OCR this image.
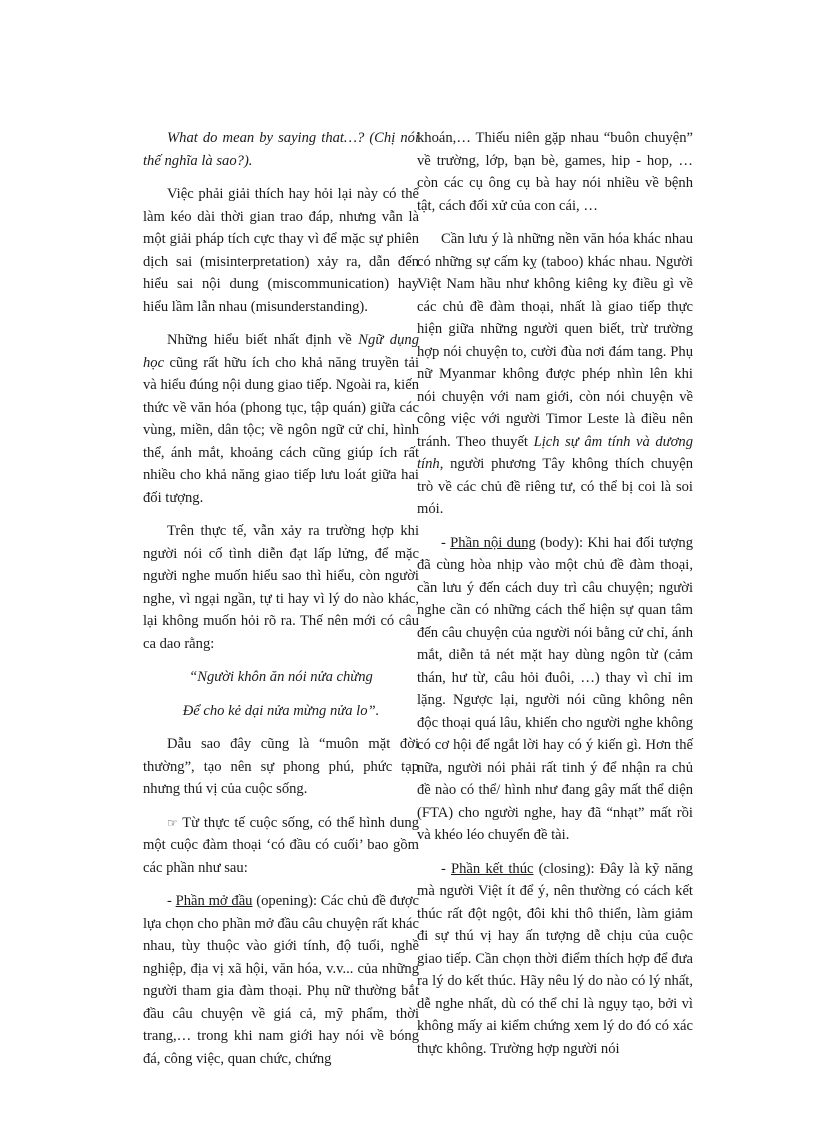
What do mean by saying that…? (Chị nói thế nghĩa là sao?).

Việc phải giải thích hay hỏi lại này có thể làm kéo dài thời gian trao đáp, nhưng vẫn là một giải pháp tích cực thay vì để mặc sự phiên dịch sai (misinterpretation) xảy ra, dẫn đến hiểu sai nội dung (miscommunication) hay hiểu lầm lẫn nhau (misunderstanding).

Những hiểu biết nhất định về Ngữ dụng học cũng rất hữu ích cho khả năng truyền tải và hiểu đúng nội dung giao tiếp. Ngoài ra, kiến thức về văn hóa (phong tục, tập quán) giữa các vùng, miền, dân tộc; về ngôn ngữ cử chỉ, hình thể, ánh mắt, khoảng cách cũng giúp ích rất nhiều cho khả năng giao tiếp lưu loát giữa hai đối tượng.

Trên thực tế, vẫn xảy ra trường hợp khi người nói cố tình diễn đạt lấp lửng, để mặc người nghe muốn hiểu sao thì hiểu, còn người nghe, vì ngại ngần, tự ti hay vì lý do nào khác, lại không muốn hỏi rõ ra. Thế nên mới có câu ca dao rằng:

“Người khôn ăn nói nửa chừng

Để cho kẻ dại nửa mừng nửa lo”.

Dẫu sao đây cũng là “muôn mặt đời thường”, tạo nên sự phong phú, phức tạp nhưng thú vị của cuộc sống.

☞ Từ thực tế cuộc sống, có thể hình dung một cuộc đàm thoại ‘có đầu có cuối’ bao gồm các phần như sau:

- Phần mở đầu (opening): Các chủ đề được lựa chọn cho phần mở đầu câu chuyện rất khác nhau, tùy thuộc vào giới tính, độ tuổi, nghề nghiệp, địa vị xã hội, văn hóa, v.v... của những người tham gia đàm thoại. Phụ nữ thường bắt đầu câu chuyện về giá cả, mỹ phẩm, thời trang,… trong khi nam giới hay nói về bóng đá, công việc, quan chức, chứng

khoán,… Thiếu niên gặp nhau “buôn chuyện” về trường, lớp, bạn bè, games, hip - hop, … còn các cụ ông cụ bà hay nói nhiều về bệnh tật, cách đối xử của con cái, …

Cần lưu ý là những nền văn hóa khác nhau có những sự cấm kỵ (taboo) khác nhau. Người Việt Nam hầu như không kiêng kỵ điều gì về các chủ đề đàm thoại, nhất là giao tiếp thực hiện giữa những người quen biết, trừ trường hợp nói chuyện to, cười đùa nơi đám tang. Phụ nữ Myanmar không được phép nhìn lên khi nói chuyện với nam giới, còn nói chuyện về công việc với người Timor Leste là điều nên tránh. Theo thuyết Lịch sự âm tính và dương tính, người phương Tây không thích chuyện trò về các chủ đề riêng tư, có thể bị coi là soi mói.

- Phần nội dung (body): Khi hai đối tượng đã cùng hòa nhịp vào một chủ đề đàm thoại, cần lưu ý đến cách duy trì câu chuyện; người nghe cần có những cách thể hiện sự quan tâm đến câu chuyện của người nói bằng cử chỉ, ánh mắt, diễn tả nét mặt hay dùng ngôn từ (cảm thán, hư từ, câu hỏi đuôi, …) thay vì chỉ im lặng. Ngược lại, người nói cũng không nên độc thoại quá lâu, khiến cho người nghe không có cơ hội để ngắt lời hay có ý kiến gì. Hơn thế nữa, người nói phải rất tinh ý để nhận ra chủ đề nào có thể/ hình như đang gây mất thể diện (FTA) cho người nghe, hay đã “nhạt” mất rồi và khéo léo chuyển đề tài.

- Phần kết thúc (closing): Đây là kỹ năng mà người Việt ít để ý, nên thường có cách kết thúc rất đột ngột, đôi khi thô thiển, làm giảm đi sự thú vị hay ấn tượng dễ chịu của cuộc giao tiếp. Cần chọn thời điểm thích hợp để đưa ra lý do kết thúc. Hãy nêu lý do nào có lý nhất, dễ nghe nhất, dù có thể chỉ là ngụy tạo, bởi vì không mấy ai kiểm chứng xem lý do đó có xác thực không. Trường hợp người nói
